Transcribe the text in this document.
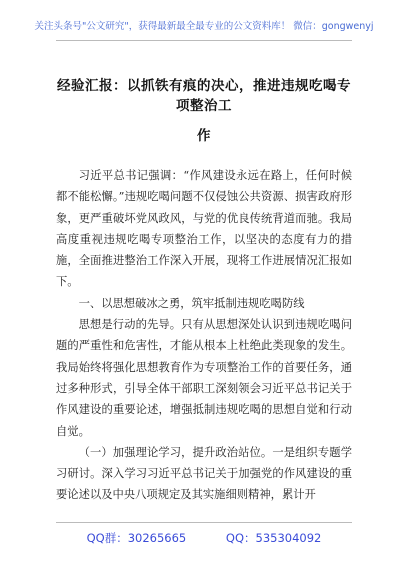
关注头条号"公文研究"，获得最新最全最专业的公文资料库！ 微信：gongwenyj
经验汇报：以抓铁有痕的决心，推进违规吃喝专项整治工
作

习近平总书记强调：“作风建设永远在路上，任何时候都不能松懈。”违规吃喝问题不仅侵蚀公共资源、损害政府形象，更严重破坏党风政风，与党的优良传统背道而驰。我局高度重视违规吃喝专项整治工作，以坚决的态度有力的措施，全面推进整治工作深入开展，现将工作进展情况汇报如下。

一、以思想破冰之勇，筑牢抵制违规吃喝防线

思想是行动的先导。只有从思想深处认识到违规吃喝问题的严重性和危害性，才能从根本上杜绝此类现象的发生。我局始终将强化思想教育作为专项整治工作的首要任务，通过多种形式，引导全体干部职工深刻领会习近平总书记关于作风建设的重要论述，增强抵制违规吃喝的思想自觉和行动自觉。

（一）加强理论学习，提升政治站位。一是组织专题学习研讨。深入学习习近平总书记关于加强党的作风建设的重要论述以及中央八项规定及其实施细则精神，累计开

QQ群：30265665	QQ：535304092
